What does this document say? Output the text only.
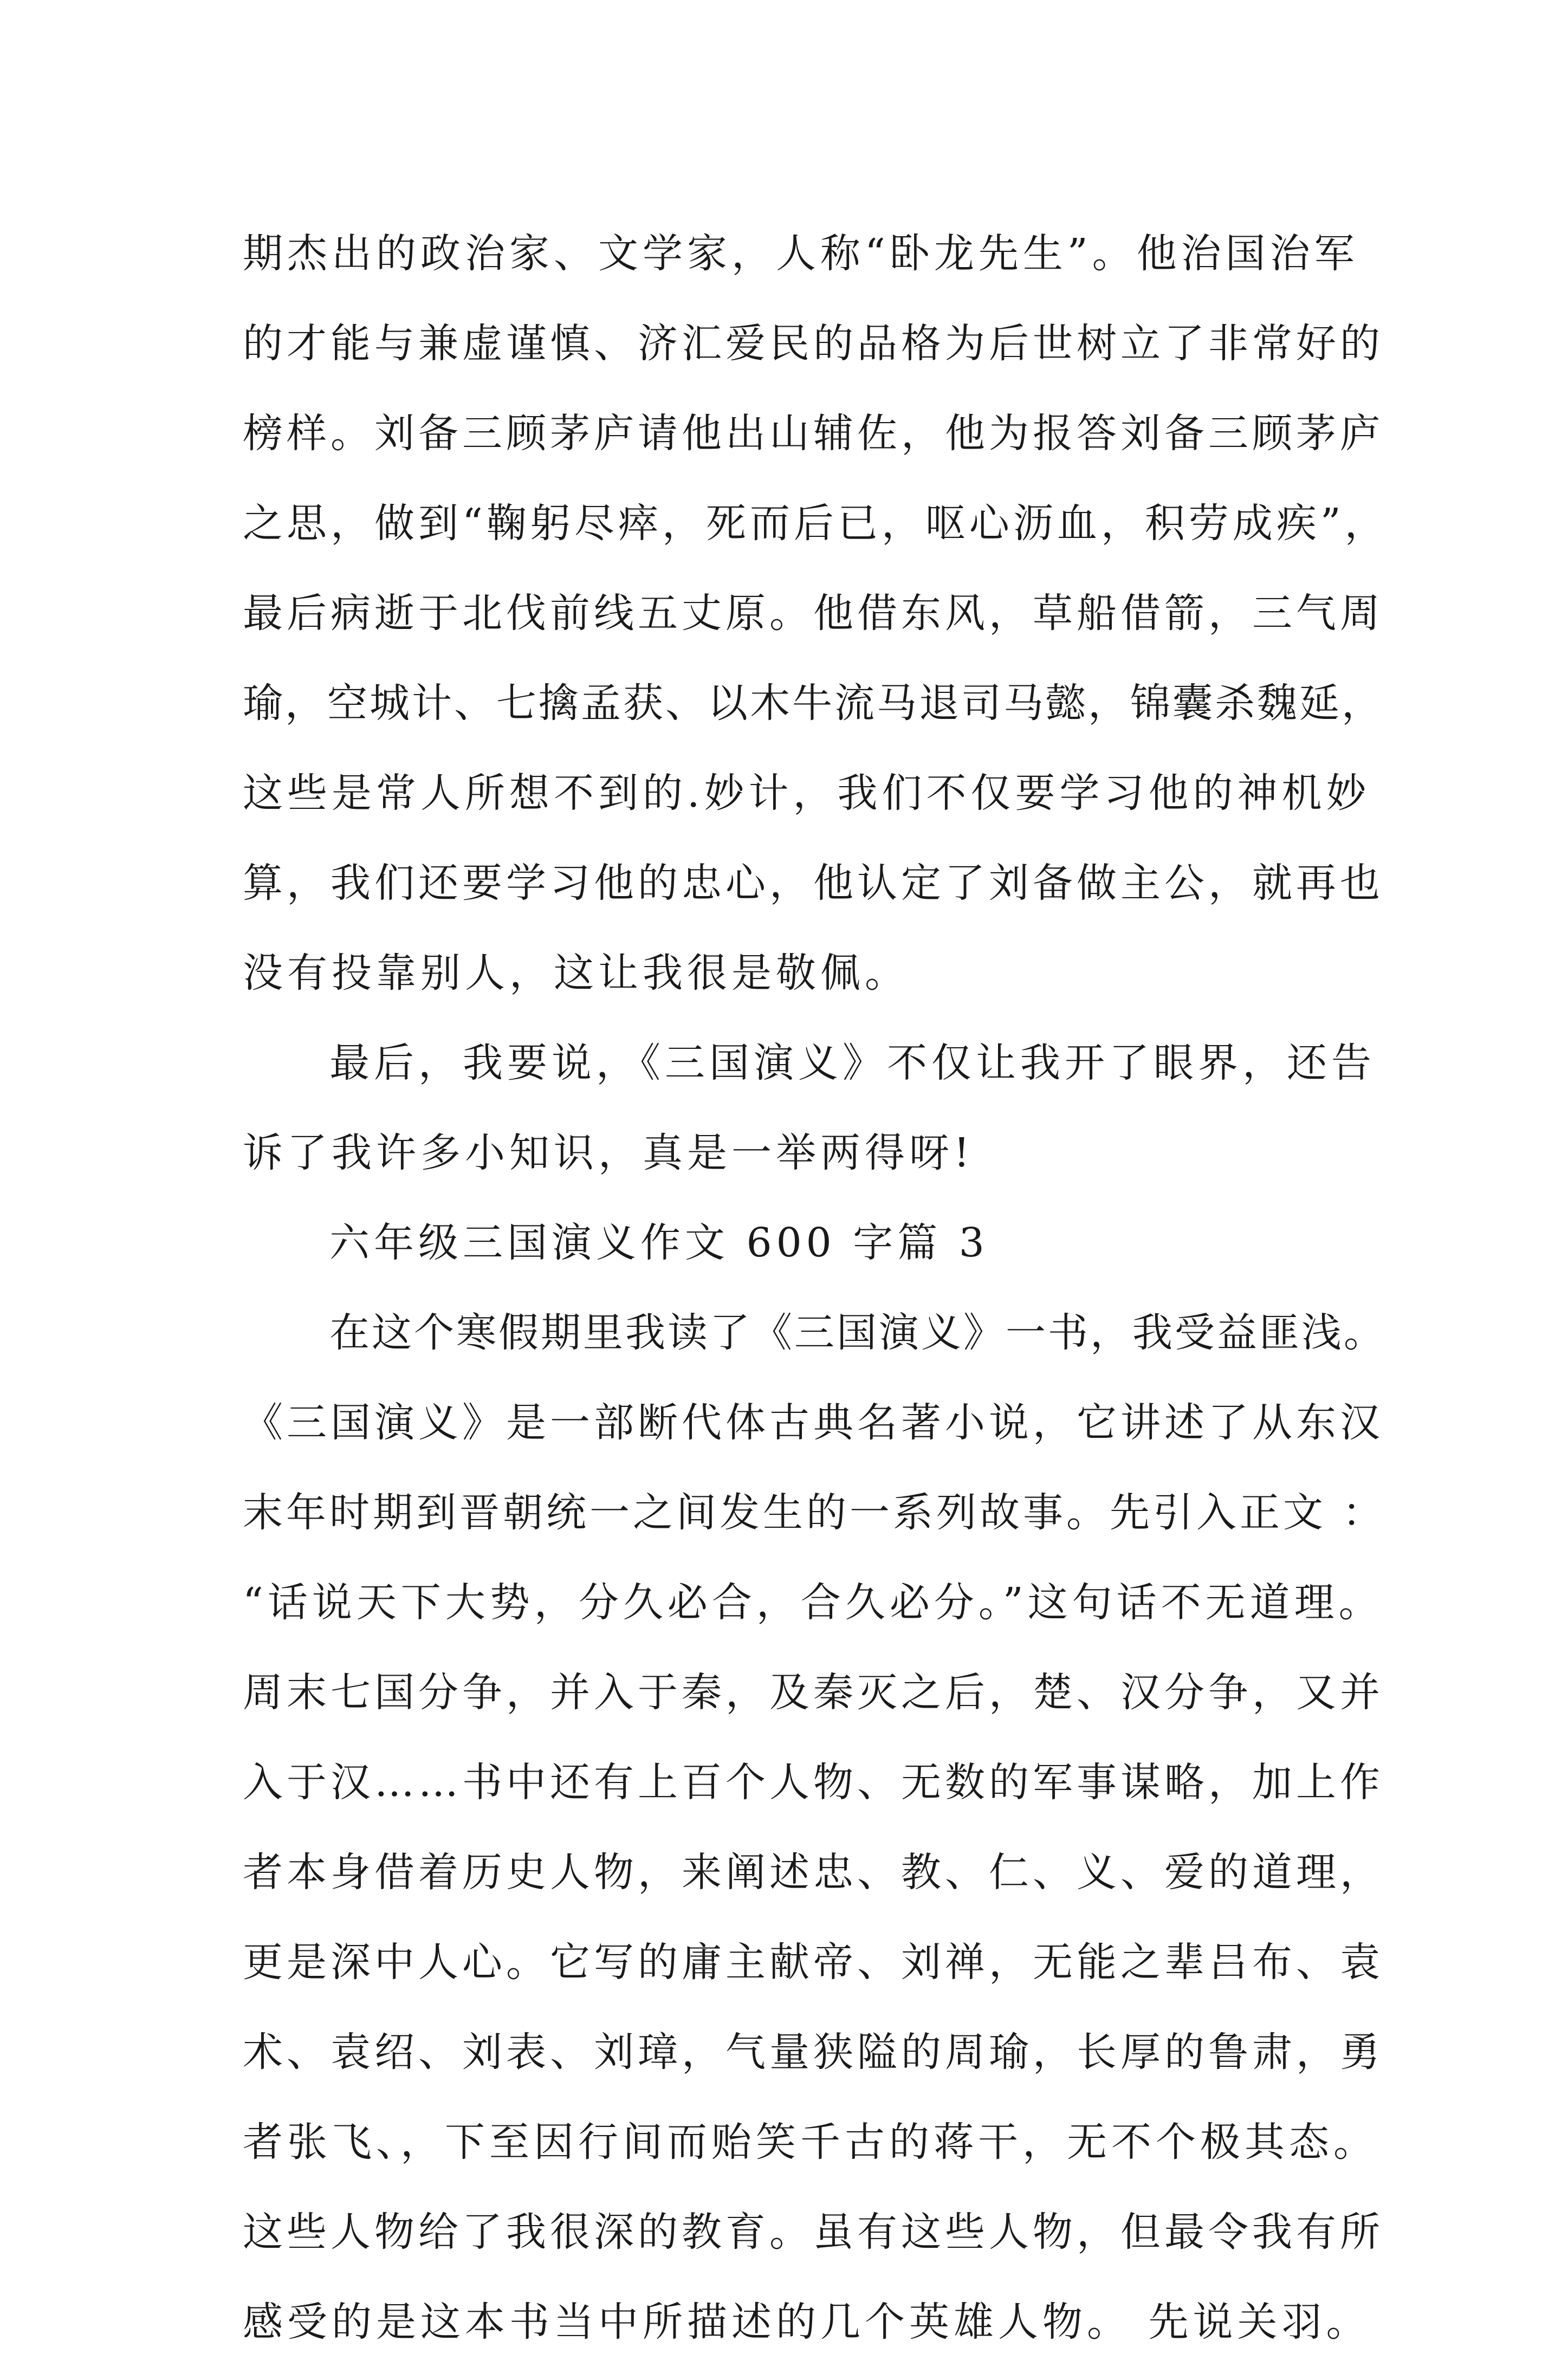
期杰出的政治家、文学家，人称“卧龙先生”。他治国治军
的才能与兼虚谨慎、济汇爱民的品格为后世树立了非常好的
榜样。刘备三顾茅庐请他出山辅佐，他为报答刘备三顾茅庐
之思，做到“鞠躬尽瘁，死而后已，呕心沥血，积劳成疾”，
最后病逝于北伐前线五丈原。他借东风，草船借箭，三气周
瑜，空城计、七擒孟获、以木牛流马退司马懿，锦囊杀魏延，
这些是常人所想不到的.妙计，我们不仅要学习他的神机妙
算，我们还要学习他的忠心，他认定了刘备做主公，就再也
没有投靠别人，这让我很是敬佩。
最后，我要说，《三国演义》不仅让我开了眼界，还告
诉了我许多小知识，真是一举两得呀!
六年级三国演义作文 600 字篇 3
在这个寒假期里我读了《三国演义》一书，我受益匪浅。
《三国演义》是一部断代体古典名著小说，它讲述了从东汉
末年时期到晋朝统一之间发生的一系列故事。先引入正文 ：
“话说天下大势，分久必合，合久必分。”这句话不无道理。
周末七国分争，并入于秦，及秦灭之后，楚、汉分争，又并
入于汉……书中还有上百个人物、无数的军事谋略，加上作
者本身借着历史人物，来阐述忠、教、仁、义、爱的道理，
更是深中人心。它写的庸主献帝、刘禅，无能之辈吕布、袁
术、袁绍、刘表、刘璋，气量狭隘的周瑜，长厚的鲁肃，勇
者张飞、，下至因行间而贻笑千古的蒋干，无不个极其态。
这些人物给了我很深的教育。虽有这些人物，但最令我有所
感受的是这本书当中所描述的几个英雄人物。 先说关羽。
